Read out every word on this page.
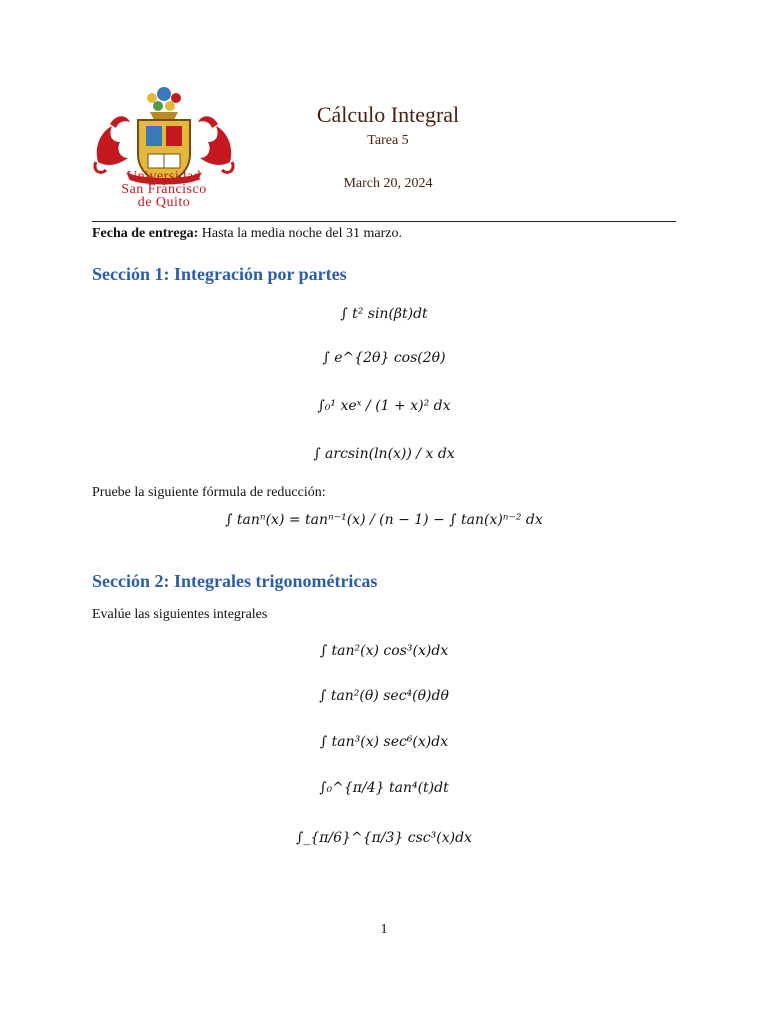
Universidad
San Francisco
de Quito
Cálculo Integral
Tarea 5
March 20, 2024
Fecha de entrega: Hasta la media noche del 31 marzo.
Sección 1: Integración por partes
∫ t² sin(βt)dt
∫ e^{2θ} cos(2θ)
∫₀¹ xeˣ / (1 + x)² dx
∫ arcsin(ln(x)) / x dx
Pruebe la siguiente fórmula de reducción:
∫ tanⁿ(x) = tanⁿ⁻¹(x) / (n − 1) − ∫ tan(x)ⁿ⁻² dx
Sección 2: Integrales trigonométricas
Evalúe las siguientes integrales
∫ tan²(x) cos³(x)dx
∫ tan²(θ) sec⁴(θ)dθ
∫ tan³(x) sec⁶(x)dx
∫₀^{π/4} tan⁴(t)dt
∫_{π/6}^{π/3} csc³(x)dx
1
